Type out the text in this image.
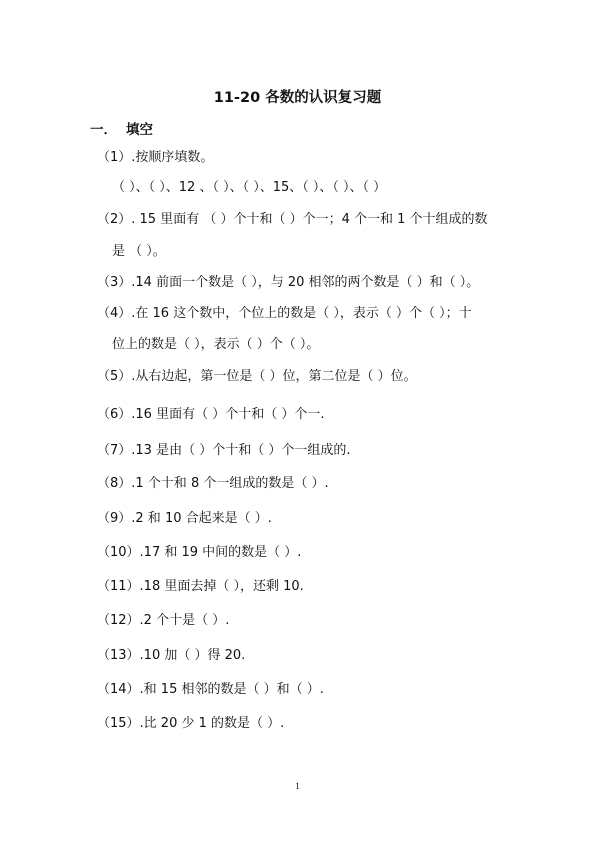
11-20 各数的认识复习题
一． 填空
（1）.按顺序填数。
（ ）、（ ）、12 、（ ）、（ ）、15、（ ）、（ ）、（ ）
（2）. 15 里面有 （ ）个十和（ ）个一；4 个一和 1 个十组成的数
是 （ ）。
（3）.14 前面一个数是（ ），与 20 相邻的两个数是（ ）和（ ）。
（4）.在 16 这个数中，个位上的数是（ ），表示（ ）个（ ）；十
位上的数是（ ），表示（ ）个（ ）。
（5）.从右边起，第一位是（ ）位，第二位是（ ）位。
（6）.16 里面有（ ）个十和（ ）个一.
（7）.13 是由（ ）个十和（ ）个一组成的.
（8）.1 个十和 8 个一组成的数是（ ）.
（9）.2 和 10 合起来是（ ）.
（10）.17 和 19 中间的数是（ ）.
（11）.18 里面去掉（ ），还剩 10.
（12）.2 个十是（ ）.
（13）.10 加（ ）得 20.
（14）.和 15 相邻的数是（ ）和（ ）.
（15）.比 20 少 1 的数是（ ）.
1
